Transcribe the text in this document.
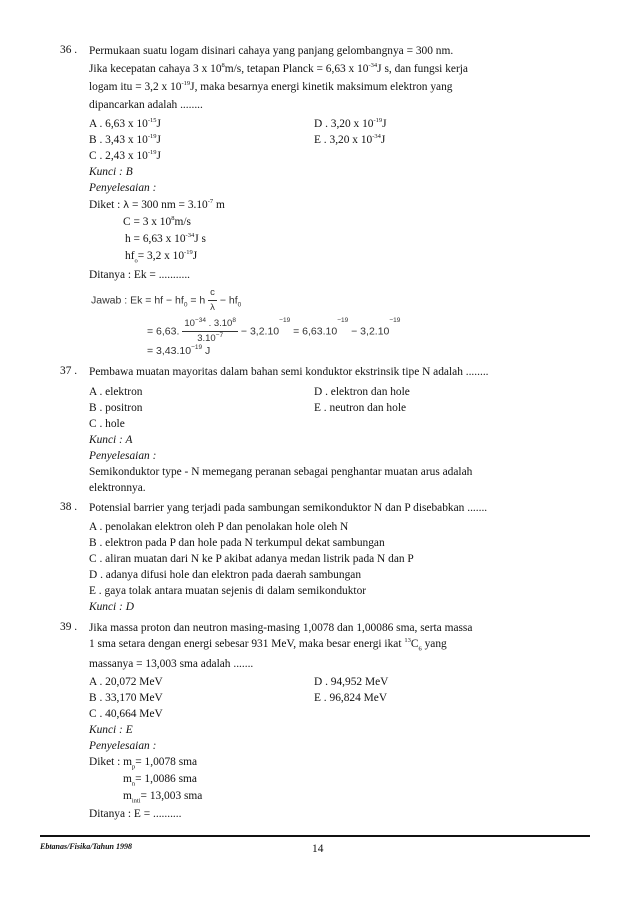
36 . Permukaan suatu logam disinari cahaya yang panjang gelombangnya = 300 nm.
Jika kecepatan cahaya 3 x $10^8m/s$, tetapan Planck = 6,63 x $10^{-34}J$ s, dan fungsi kerja
logam itu = 3,2 x $10^{-19}J$, maka besarnya energi kinetik maksimum elektron yang
dipancarkan adalah ........
A . 6,63 x $10^{-15}J$	D . 3,20 x $10^{-19}J$
B . 3,43 x $10^{-19}J$	E . 3,20 x $10^{-34}J$
C . 2,43 x $10^{-19}J$
Kunci : B
Penyelesaian :
Diket : λ = 300 nm = $3.10^{-7}$ m
C = 3 x $10^8m/s$
h = 6,63 x $10^{-34}J$ s
$hf_o= 3,2$ x $10^{-19}J$
Ditanya : Ek = ...........
Jawab : Ek = hf − $hf_0 = h \frac{c}{\lambda} - hf_0$
= 6,63. $\frac{10^{-34} . 3.10^8}{3.10^{-7}} - 3,2.10^{-19} = 6,63.10^{-19} - 3,2.10^{-19}$
= $3,43.10^{-19}$ J
37 . Pembawa muatan mayoritas dalam bahan semi konduktor ekstrinsik tipe N adalah ........
A . elektron	D . elektron dan hole
B . positron	E . neutron dan hole
C . hole
Kunci : A
Penyelesaian :
Semikonduktor type - N memegang peranan sebagai penghantar muatan arus adalah
elektronnya.
38 . Potensial barrier yang terjadi pada sambungan semikonduktor N dan P disebabkan .......
A . penolakan elektron oleh P dan penolakan hole oleh N
B . elektron pada P dan hole pada N terkumpul dekat sambungan
C . aliran muatan dari N ke P akibat adanya medan listrik pada N dan P
D . adanya difusi hole dan elektron pada daerah sambungan
E . gaya tolak antara muatan sejenis di dalam semikonduktor
Kunci : D
39 . Jika massa proton dan neutron masing-masing 1,0078 dan 1,00086 sma, serta massa
1 sma setara dengan energi sebesar 931 MeV, maka besar energi ikat $^{13}C_6$ yang
massanya = 13,003 sma adalah .......
A . 20,072 MeV	D . 94,952 MeV
B . 33,170 MeV	E . 96,824 MeV
C . 40,664 MeV
Kunci : E
Penyelesaian :
Diket : $m_p= 1,0078$ sma
$m_n= 1,0086$ sma
$m_{inti}= 13,003$ sma
Ditanya : E = ..........
Ebtanas/Fisika/Tahun 1998	14
